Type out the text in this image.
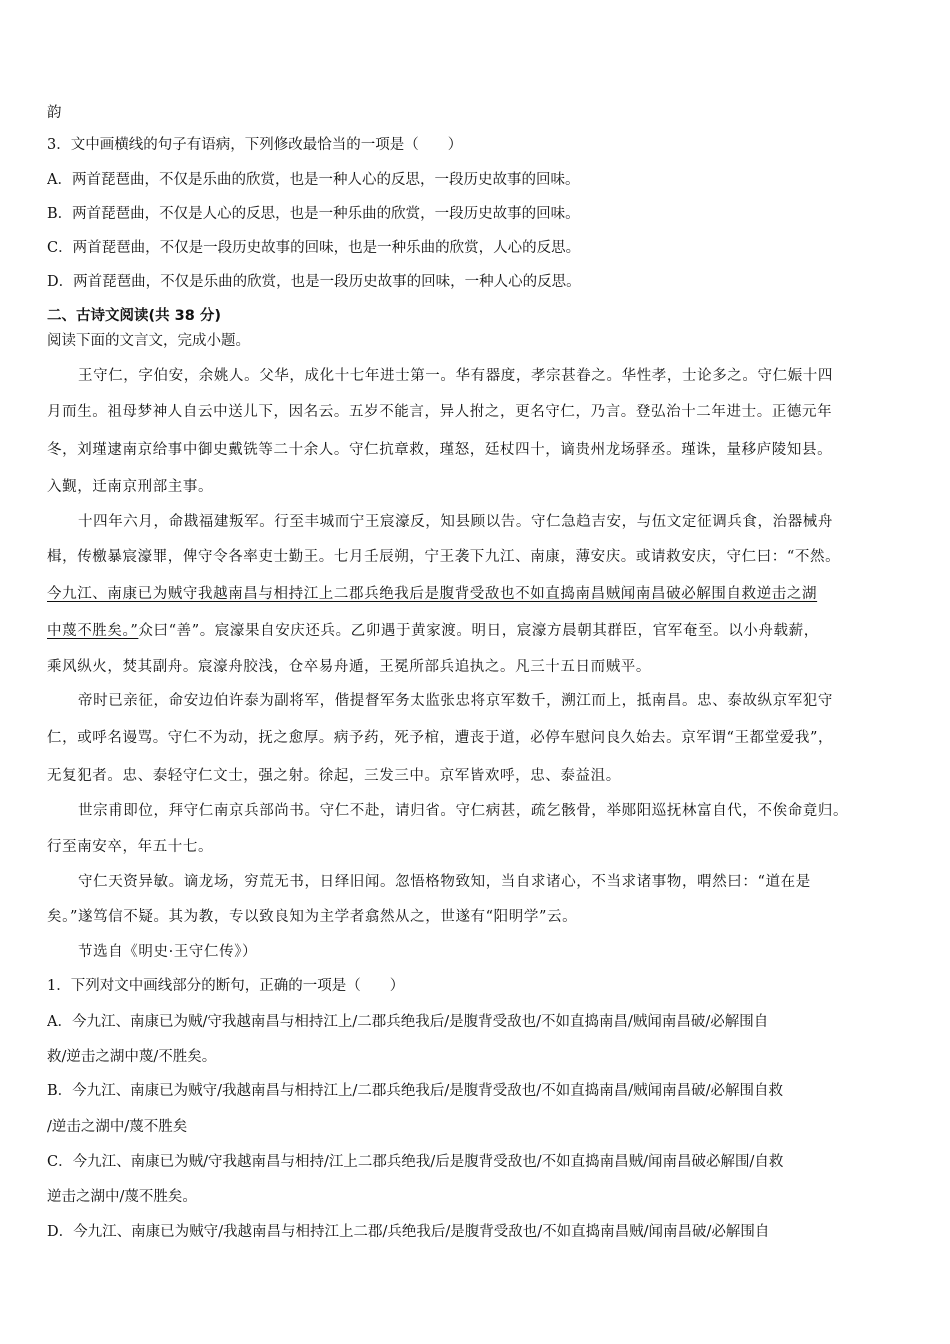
韵
3．文中画横线的句子有语病，下列修改最恰当的一项是（　　）
A．两首琵琶曲，不仅是乐曲的欣赏，也是一种人心的反思，一段历史故事的回味。
B．两首琵琶曲，不仅是人心的反思，也是一种乐曲的欣赏，一段历史故事的回味。
C．两首琵琶曲，不仅是一段历史故事的回味，也是一种乐曲的欣赏，人心的反思。
D．两首琵琶曲，不仅是乐曲的欣赏，也是一段历史故事的回味，一种人心的反思。
二、古诗文阅读(共 38 分)
阅读下面的文言文，完成小题。
王守仁，字伯安，余姚人。父华，成化十七年进士第一。华有器度，孝宗甚眷之。华性孝，士论多之。守仁娠十四
月而生。祖母梦神人自云中送儿下，因名云。五岁不能言，异人拊之，更名守仁，乃言。登弘治十二年进士。正德元年
冬，刘瑾逮南京给事中御史戴铣等二十余人。守仁抗章救，瑾怒，廷杖四十，谪贵州龙场驿丞。瑾诛，量移庐陵知县。
入觐，迁南京刑部主事。
十四年六月，命戡福建叛军。行至丰城而宁王宸濠反，知县顾以告。守仁急趋吉安，与伍文定征调兵食，治器械舟
楫，传檄暴宸濠罪，俾守令各率吏士勤王。七月壬辰朔，宁王袭下九江、南康，薄安庆。或请救安庆，守仁曰：“不然。
今九江、南康已为贼守我越南昌与相持江上二郡兵绝我后是腹背受敌也不如直捣南昌贼闻南昌破必解围自救逆击之湖
中蔑不胜矣。”众曰“善”。宸濠果自安庆还兵。乙卯遇于黄家渡。明日，宸濠方晨朝其群臣，官军奄至。以小舟载薪，
乘风纵火，焚其副舟。宸濠舟胶浅，仓卒易舟遁，王冕所部兵追执之。凡三十五日而贼平。
帝时已亲征，命安边伯许泰为副将军，偕提督军务太监张忠将京军数千，溯江而上，抵南昌。忠、泰故纵京军犯守
仁，或呼名谩骂。守仁不为动，抚之愈厚。病予药，死予棺，遭丧于道，必停车慰问良久始去。京军谓“王都堂爱我”，
无复犯者。忠、泰轻守仁文士，强之射。徐起，三发三中。京军皆欢呼，忠、泰益沮。
世宗甫即位，拜守仁南京兵部尚书。守仁不赴，请归省。守仁病甚，疏乞骸骨，举郧阳巡抚林富自代，不俟命竟归。
行至南安卒，年五十七。
守仁天资异敏。谪龙场，穷荒无书，日绎旧闻。忽悟格物致知，当自求诸心，不当求诸事物，喟然曰：“道在是
矣。”遂笃信不疑。其为教，专以致良知为主学者翕然从之，世遂有“阳明学”云。
节选自《明史·王守仁传》）
1．下列对文中画线部分的断句，正确的一项是（　　）
A．今九江、南康已为贼/守我越南昌与相持江上/二郡兵绝我后/是腹背受敌也/不如直捣南昌/贼闻南昌破/必解围自
救/逆击之湖中蔑/不胜矣。
B．今九江、南康已为贼守/我越南昌与相持江上/二郡兵绝我后/是腹背受敌也/不如直捣南昌/贼闻南昌破/必解围自救
/逆击之湖中/蔑不胜矣
C．今九江、南康已为贼/守我越南昌与相持/江上二郡兵绝我/后是腹背受敌也/不如直捣南昌贼/闻南昌破必解围/自救
逆击之湖中/蔑不胜矣。
D．今九江、南康已为贼守/我越南昌与相持江上二郡/兵绝我后/是腹背受敌也/不如直捣南昌贼/闻南昌破/必解围自
